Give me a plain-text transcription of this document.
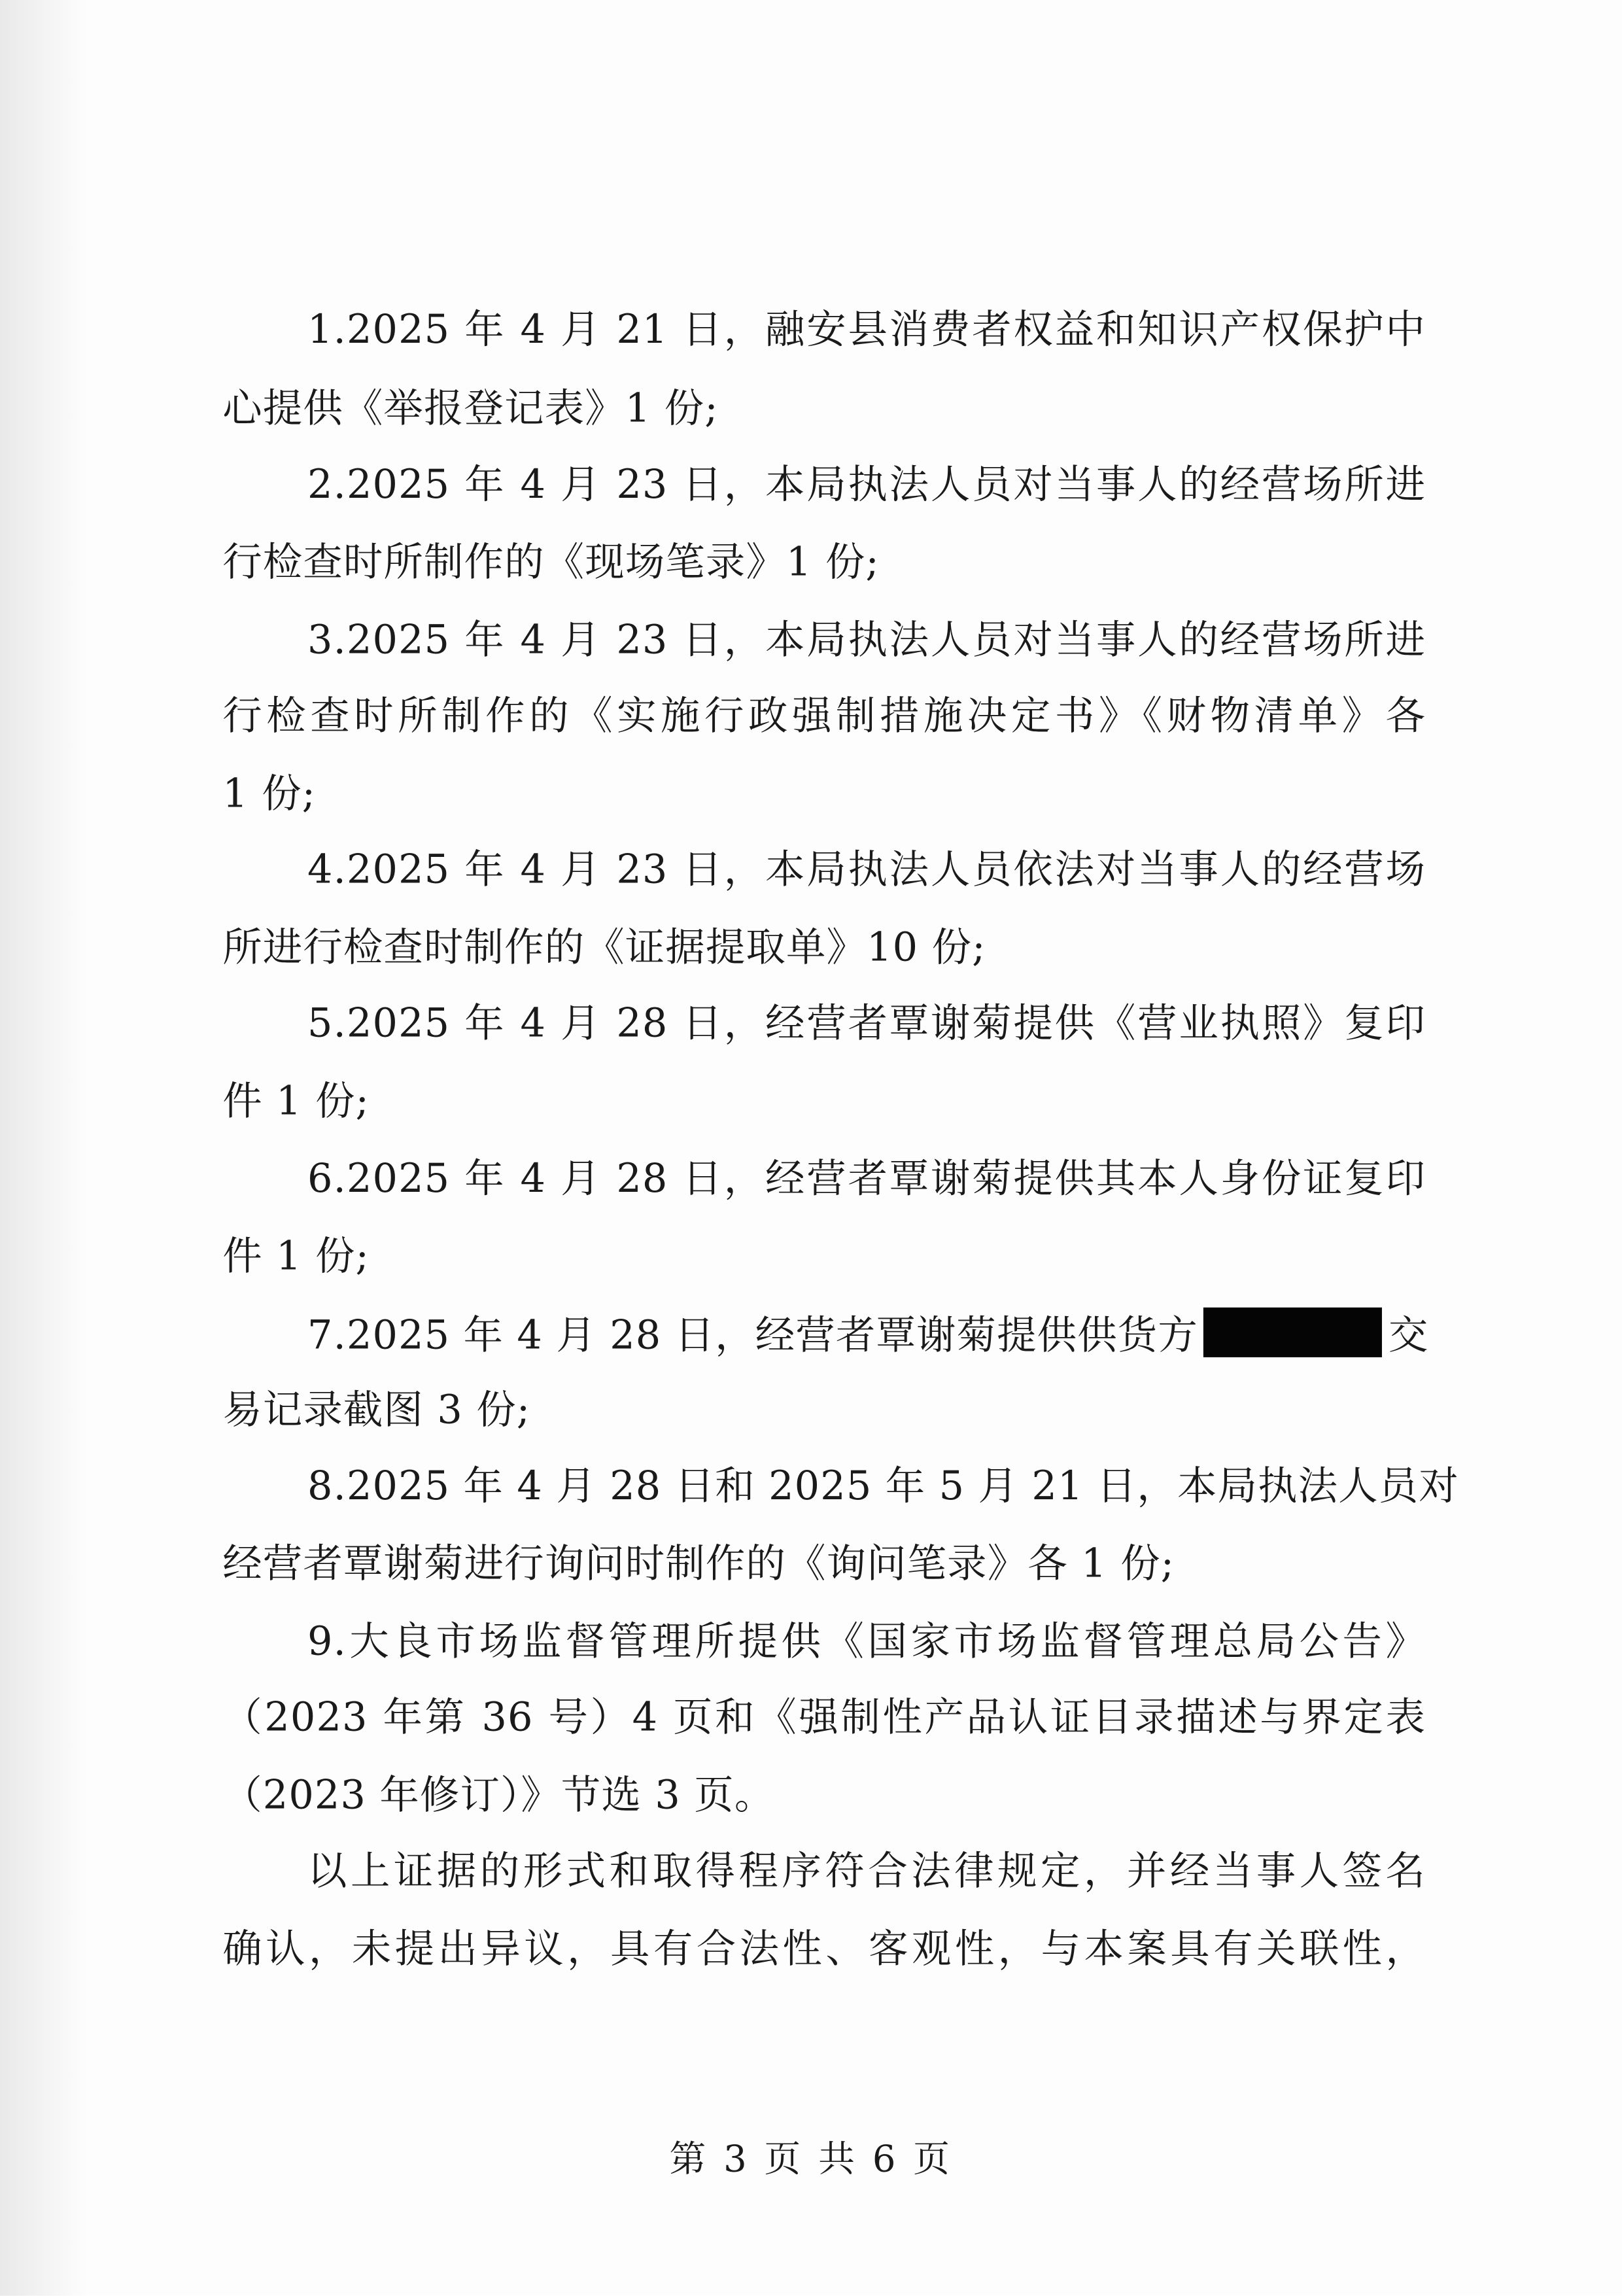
1.2025 年 4 月 21 日，融安县消费者权益和知识产权保护中
心提供《举报登记表》1 份;
2.2025 年 4 月 23 日，本局执法人员对当事人的经营场所进
行检查时所制作的《现场笔录》1 份;
3.2025 年 4 月 23 日，本局执法人员对当事人的经营场所进
行检查时所制作的《实施行政强制措施决定书》《财物清单》各
1 份;
4.2025 年 4 月 23 日，本局执法人员依法对当事人的经营场
所进行检查时制作的《证据提取单》10 份;
5.2025 年 4 月 28 日，经营者覃谢菊提供《营业执照》复印
件 1 份;
6.2025 年 4 月 28 日，经营者覃谢菊提供其本人身份证复印
件 1 份;
7.2025 年 4 月 28 日，经营者覃谢菊提供供货方	交
易记录截图 3 份;
8.2025 年 4 月 28 日和 2025 年 5 月 21 日，本局执法人员对
经营者覃谢菊进行询问时制作的《询问笔录》各 1 份;
9.大良市场监督管理所提供《国家市场监督管理总局公告》
（2023 年第 36 号）4 页和《强制性产品认证目录描述与界定表
（2023 年修订）》节选 3 页。
以上证据的形式和取得程序符合法律规定，并经当事人签名
确认，未提出异议，具有合法性、客观性，与本案具有关联性，
第 3 页 共 6 页
